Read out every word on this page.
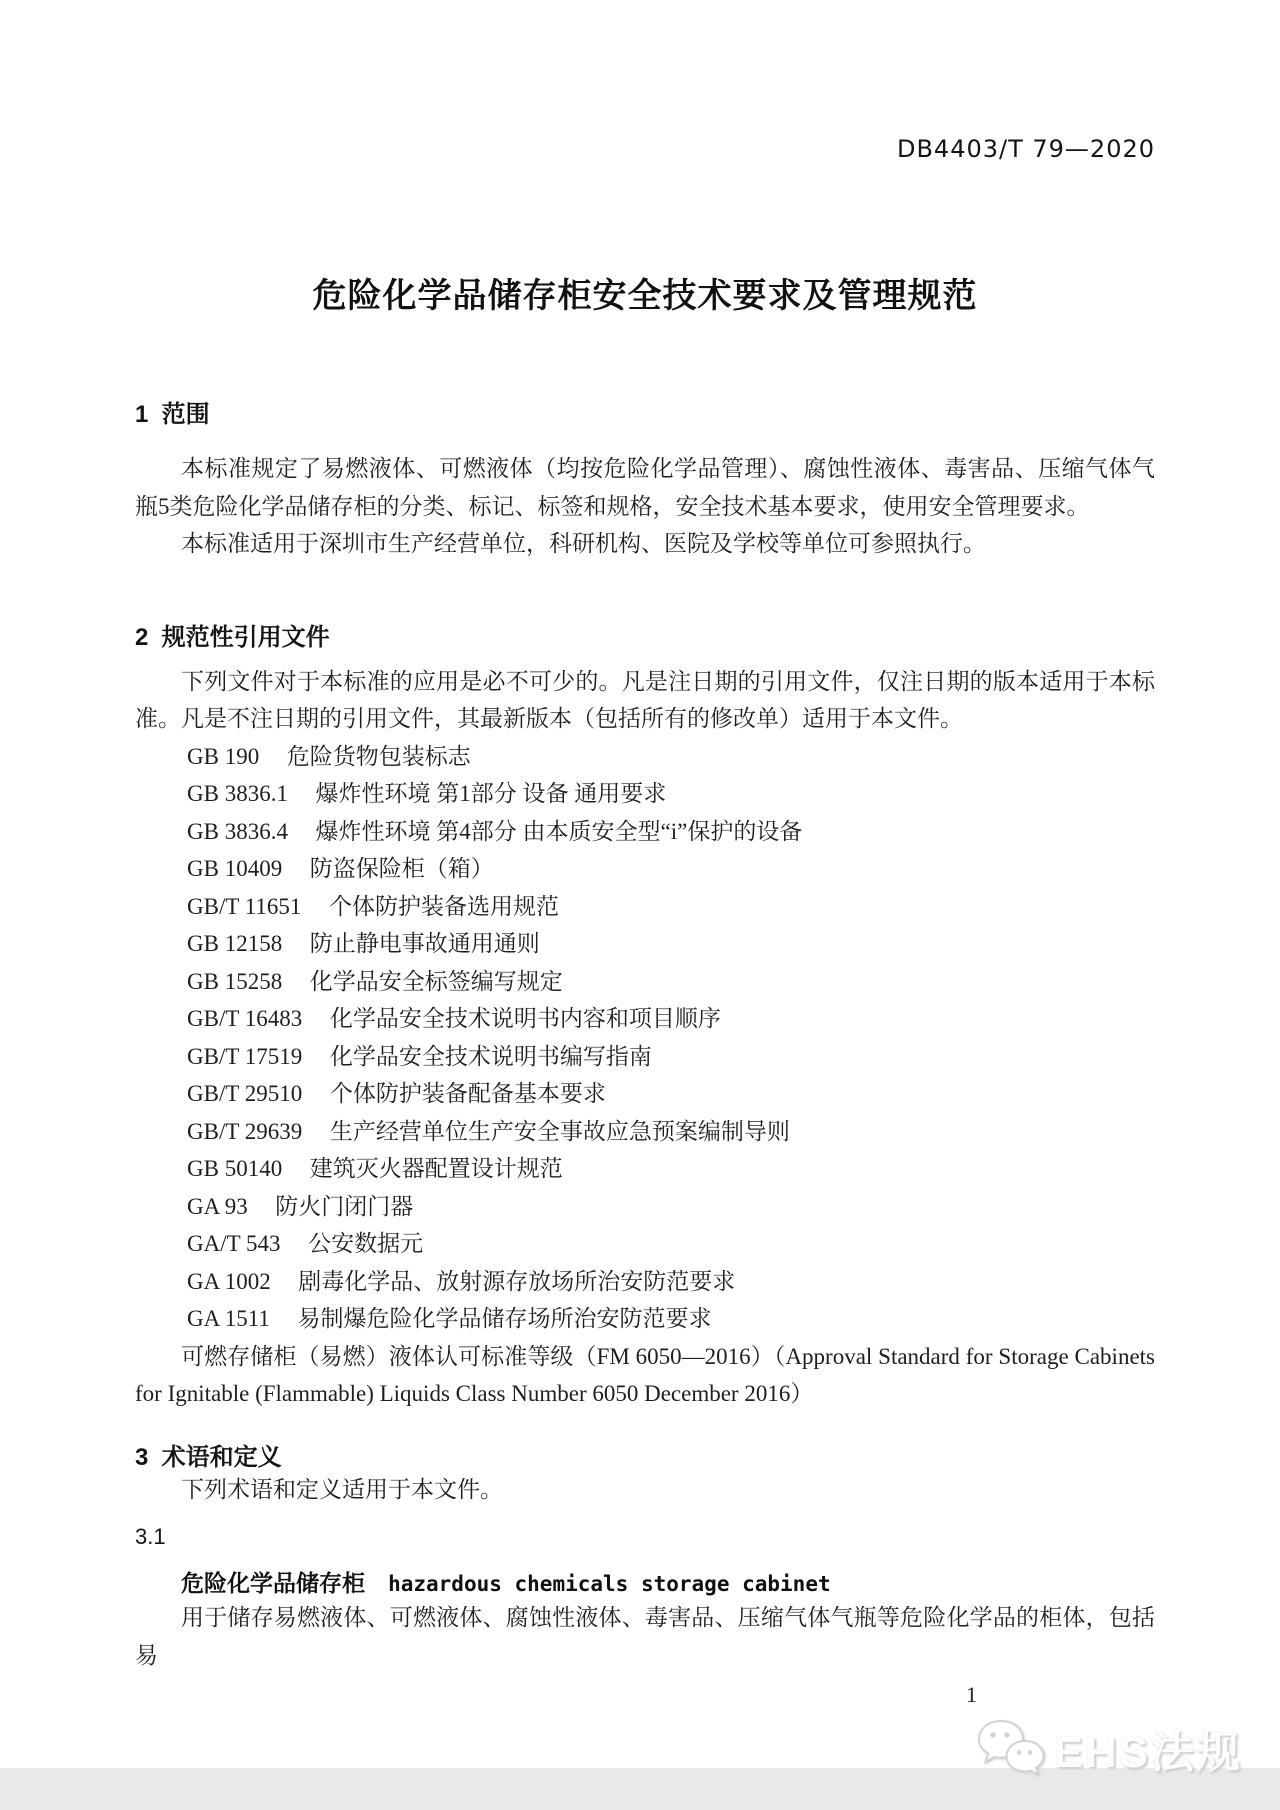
DB4403/T 79—2020
危险化学品储存柜安全技术要求及管理规范
1  范围

本标准规定了易燃液体、可燃液体（均按危险化学品管理）、腐蚀性液体、毒害品、压缩气体气瓶5类危险化学品储存柜的分类、标记、标签和规格，安全技术基本要求，使用安全管理要求。

本标准适用于深圳市生产经营单位，科研机构、医院及学校等单位可参照执行。

2  规范性引用文件

下列文件对于本标准的应用是必不可少的。凡是注日期的引用文件，仅注日期的版本适用于本标准。凡是不注日期的引用文件，其最新版本（包括所有的修改单）适用于本文件。

GB 190 危险货物包装标志
GB 3836.1 爆炸性环境 第1部分 设备 通用要求
GB 3836.4 爆炸性环境 第4部分 由本质安全型“i”保护的设备
GB 10409 防盗保险柜（箱）
GB/T 11651 个体防护装备选用规范
GB 12158 防止静电事故通用通则
GB 15258 化学品安全标签编写规定
GB/T 16483 化学品安全技术说明书内容和项目顺序
GB/T 17519 化学品安全技术说明书编写指南
GB/T 29510 个体防护装备配备基本要求
GB/T 29639 生产经营单位生产安全事故应急预案编制导则
GB 50140 建筑灭火器配置设计规范
GA 93 防火门闭门器
GA/T 543 公安数据元
GA 1002 剧毒化学品、放射源存放场所治安防范要求
GA 1511 易制爆危险化学品储存场所治安防范要求

可燃存储柜（易燃）液体认可标准等级（FM 6050—2016）（Approval Standard for Storage Cabinets for Ignitable (Flammable) Liquids Class Number 6050 December 2016）

3  术语和定义

下列术语和定义适用于本文件。

3.1
危险化学品储存柜 hazardous chemicals storage cabinet

用于储存易燃液体、可燃液体、腐蚀性液体、毒害品、压缩气体气瓶等危险化学品的柜体，包括易

1
EHS法规
